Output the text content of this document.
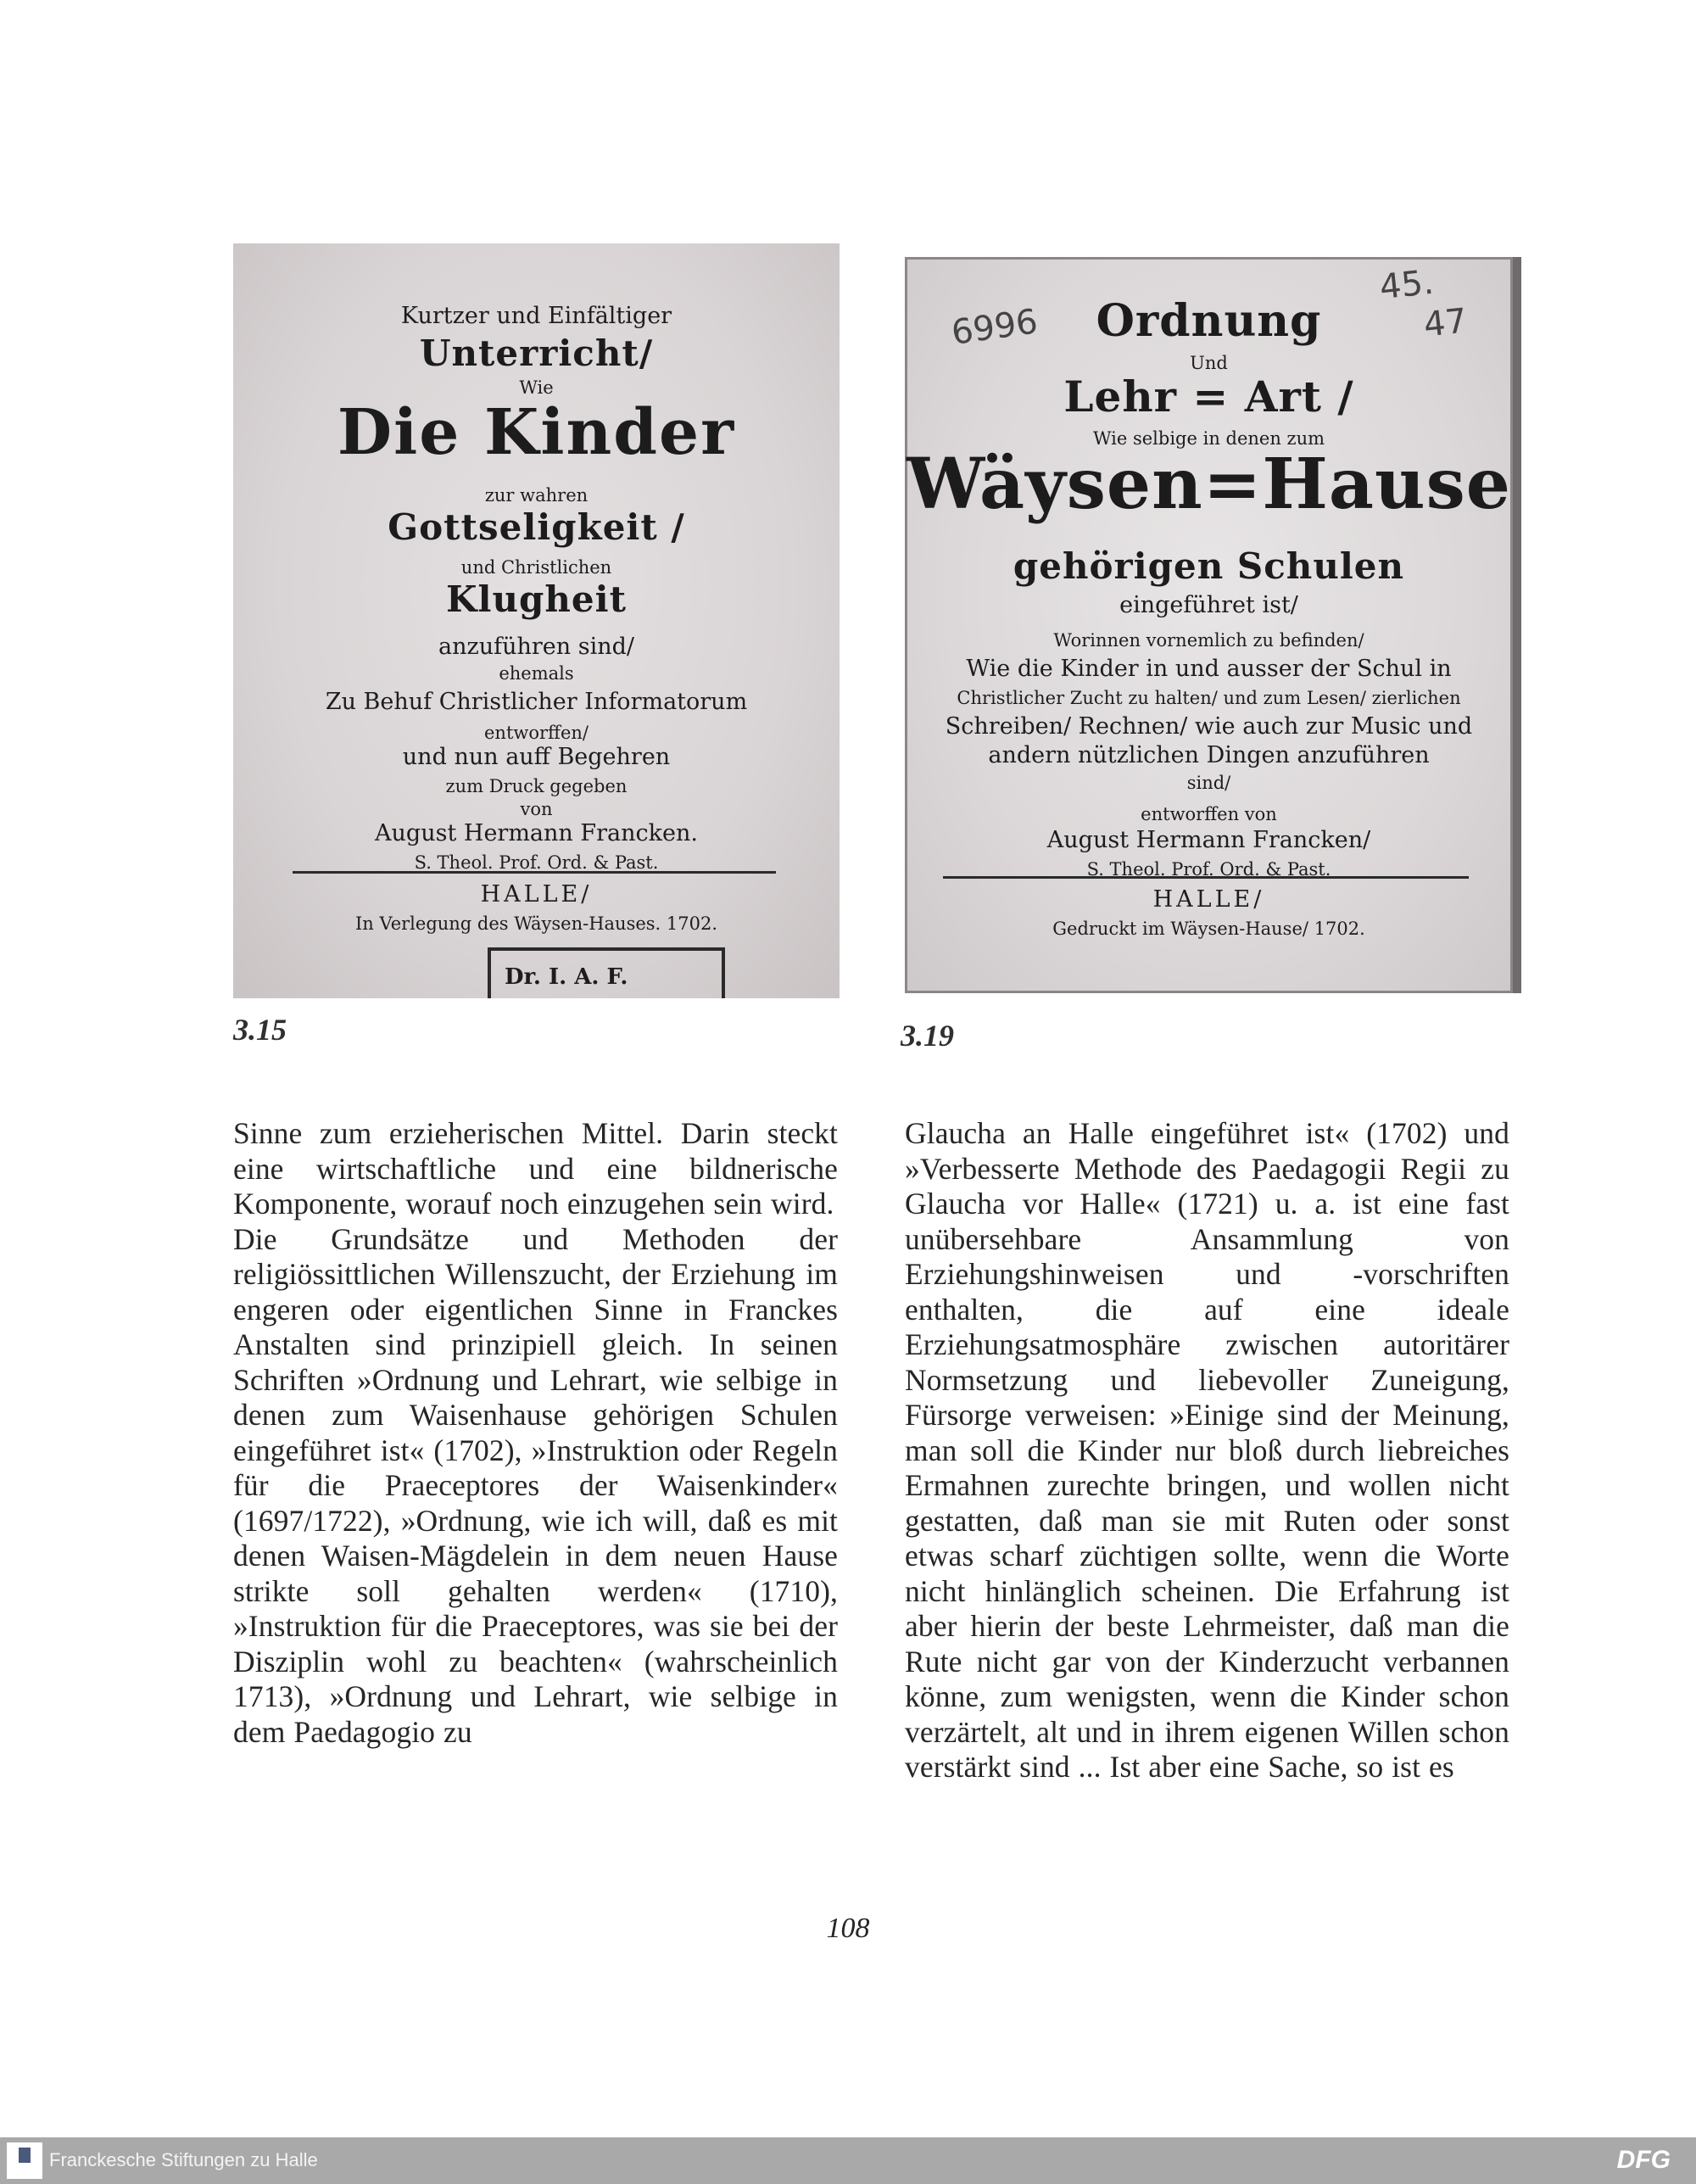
Kurtzer und Einfältiger
Unterricht/
Wie
Die Kinder
zur wahren
Gottseligkeit /
und Christlichen
Klugheit
anzuführen sind/
ehemals
Zu Behuf Christlicher Informatorum
entworffen/
und nun auff Begehren
zum Druck gegeben
von
August Hermann Francken.
S. Theol. Prof. Ord. & Past.
HALLE/
In Verlegung des Wäysen-Hauses. 1702.
Dr. I. A. F.
6996
45.
47
Ordnung
Und
Lehr = Art /
Wie selbige in denen zum
Wäysen=Hause
gehörigen Schulen
eingeführet ist/
Worinnen vornemlich zu befinden/
Wie die Kinder in und ausser der Schul in
Christlicher Zucht zu halten/ und zum Lesen/ zierlichen
Schreiben/ Rechnen/ wie auch zur Music und
andern nützlichen Dingen anzuführen
sind/
entworffen von
August Hermann Francken/
S. Theol. Prof. Ord. & Past.
HALLE/
Gedruckt im Wäysen-Hause/ 1702.
3.15	3.19

Sinne zum erzieherischen Mittel. Darin steckt eine wirtschaftliche und eine bildnerische Komponente, worauf noch einzugehen sein wird.

Die Grundsätze und Methoden der religiössittlichen Willenszucht, der Erziehung im engeren oder eigentlichen Sinne in Franckes Anstalten sind prinzipiell gleich. In seinen Schriften »Ordnung und Lehrart, wie selbige in denen zum Waisenhause gehörigen Schulen eingeführet ist« (1702), »Instruktion oder Regeln für die Praeceptores der Waisenkinder« (1697/1722), »Ordnung, wie ich will, daß es mit denen Waisen-Mägdelein in dem neuen Hause strikte soll gehalten werden« (1710), »Instruktion für die Praeceptores, was sie bei der Disziplin wohl zu beachten« (wahrscheinlich 1713), »Ordnung und Lehrart, wie selbige in dem Paedagogio zu

Glaucha an Halle eingeführet ist« (1702) und »Verbesserte Methode des Paedagogii Regii zu Glaucha vor Halle« (1721) u. a. ist eine fast unübersehbare Ansammlung von Erziehungshinweisen und -vorschriften enthalten, die auf eine ideale Erziehungsatmosphäre zwischen autoritärer Normsetzung und liebevoller Zuneigung, Fürsorge verweisen: »Einige sind der Meinung, man soll die Kinder nur bloß durch liebreiches Ermahnen zurechte bringen, und wollen nicht gestatten, daß man sie mit Ruten oder sonst etwas scharf züchtigen sollte, wenn die Worte nicht hinlänglich scheinen. Die Erfahrung ist aber hierin der beste Lehrmeister, daß man die Rute nicht gar von der Kinderzucht verbannen könne, zum wenigsten, wenn die Kinder schon verzärtelt, alt und in ihrem eigenen Willen schon verstärkt sind ... Ist aber eine Sache, so ist es

108
Franckesche Stiftungen zu Halle	DFG
